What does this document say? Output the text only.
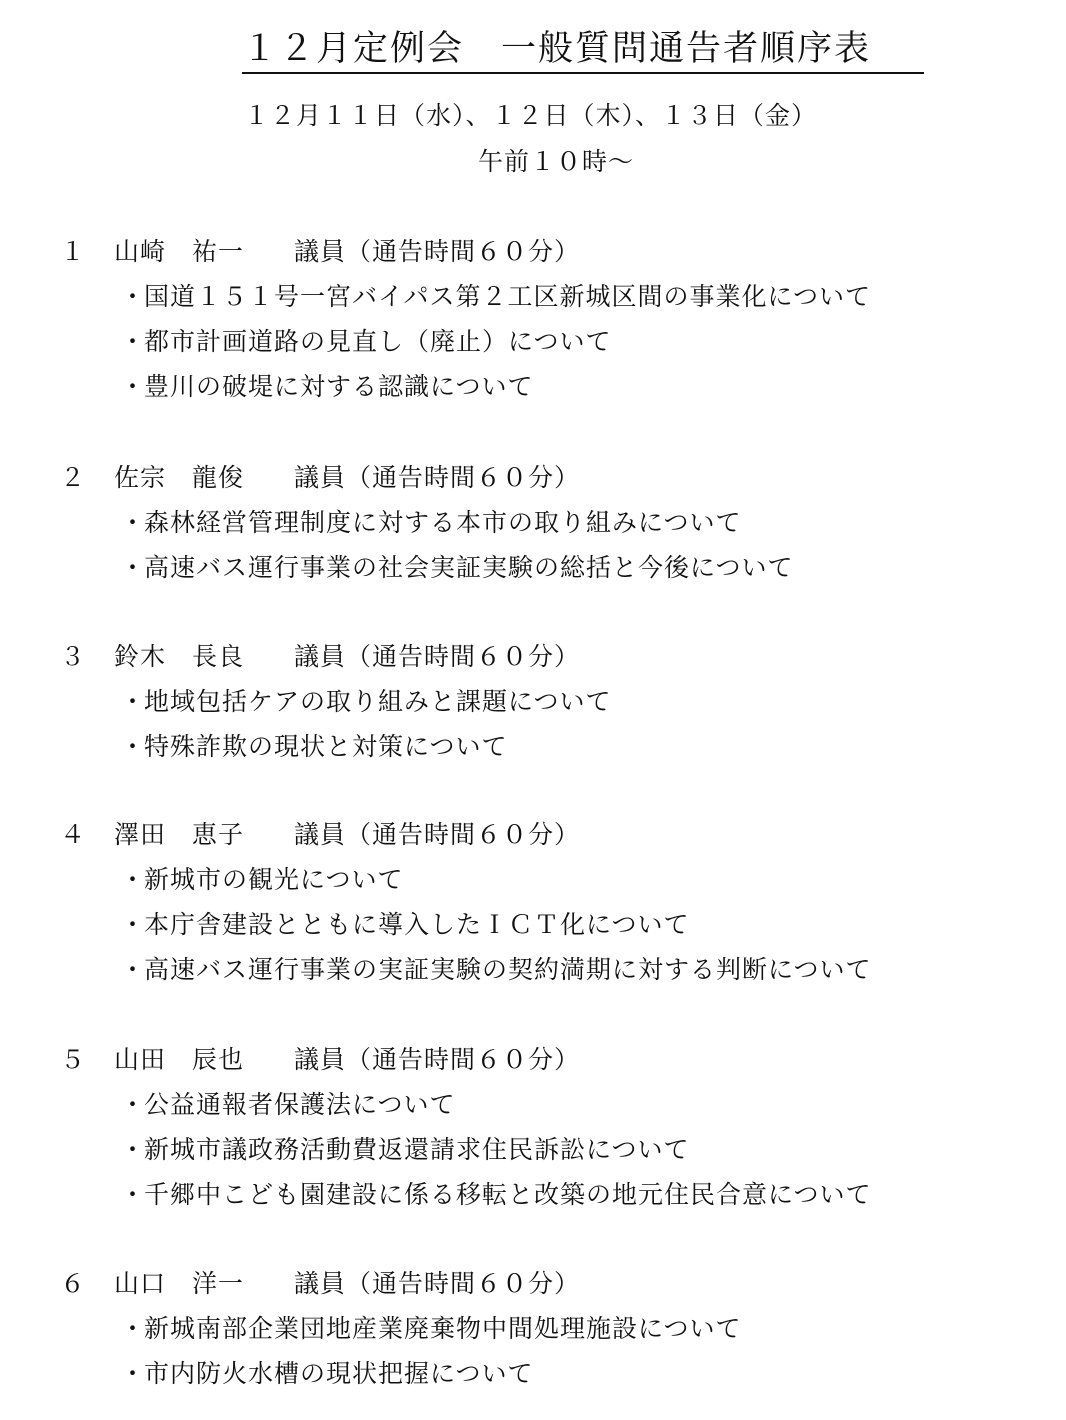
１２月定例会　一般質問通告者順序表
１２月１１日（水）、１２日（木）、１３日（金）
午前１０時～
１ 山崎　祐一 議員（通告時間６０分）
・
国道１５１号一宮バイパス第２工区新城区間の事業化について
・
都市計画道路の見直し（廃止）について
・
豊川の破堤に対する認識について
２ 佐宗　龍俊 議員（通告時間６０分）
・
森林経営管理制度に対する本市の取り組みについて
・
高速バス運行事業の社会実証実験の総括と今後について
３ 鈴木　長良 議員（通告時間６０分）
・
地域包括ケアの取り組みと課題について
・
特殊詐欺の現状と対策について
４ 澤田　恵子 議員（通告時間６０分）
・
新城市の観光について
・
本庁舎建設とともに導入したＩＣＴ化について
・
高速バス運行事業の実証実験の契約満期に対する判断について
５ 山田　辰也 議員（通告時間６０分）
・
公益通報者保護法について
・
新城市議政務活動費返還請求住民訴訟について
・
千郷中こども園建設に係る移転と改築の地元住民合意について
６ 山口　洋一 議員（通告時間６０分）
・
新城南部企業団地産業廃棄物中間処理施設について
・
市内防火水槽の現状把握について
